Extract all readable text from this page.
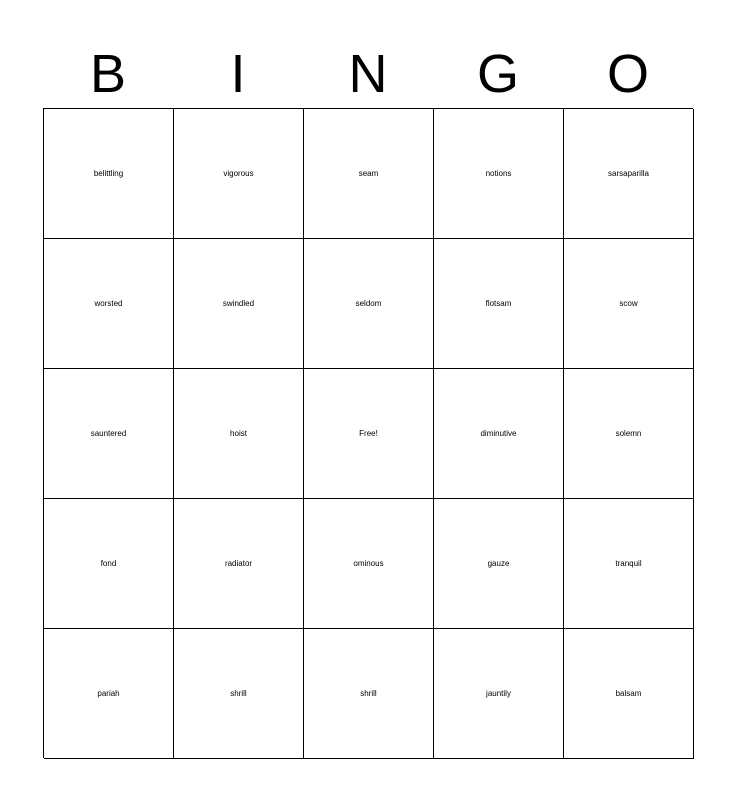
B	I	N	G	O
belittling	vigorous	seam	notions	sarsaparilla
worsted	swindled	seldom	flotsam	scow
sauntered	hoist	Free!	diminutive	solemn
fond	radiator	ominous	gauze	tranquil
pariah	shrill	shrill	jauntily	balsam
